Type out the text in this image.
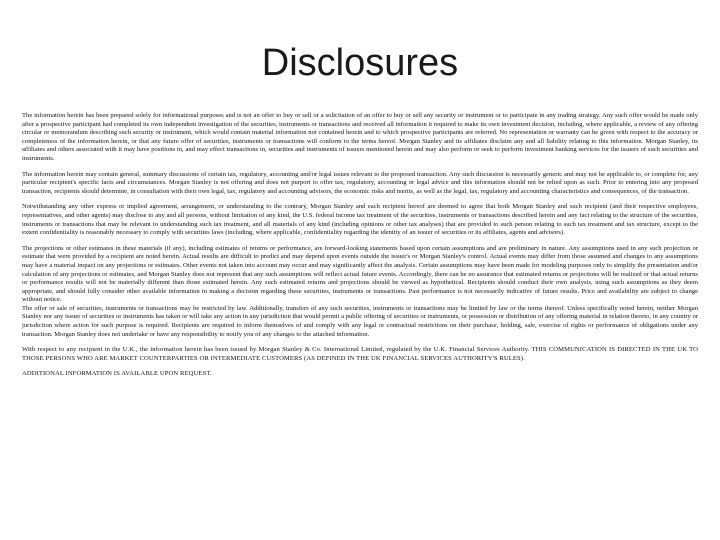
Disclosures

The information herein has been prepared solely for informational purposes and is not an offer to buy or sell or a solicitation of an offer to buy or sell any security or instrument or to participate in any trading strategy. Any such offer would be made only after a prospective participant had completed its own independent investigation of the securities, instruments or transactions and received all information it required to make its own investment decision, including, where applicable, a review of any offering circular or memorandum describing such security or instrument, which would contain material information not contained herein and to which prospective participants are referred. No representation or warranty can be given with respect to the accuracy or completeness of the information herein, or that any future offer of securities, instruments or transactions will conform to the terms hereof. Morgan Stanley and its affiliates disclaim any and all liability relating to this information. Morgan Stanley, its affiliates and others associated with it may have positions in, and may effect transactions in, securities and instruments of issuers mentioned herein and may also perform or seek to perform investment banking services for the issuers of such securities and instruments.

The information herein may contain general, summary discussions of certain tax, regulatory, accounting and/or legal issues relevant to the proposed transaction. Any such discussion is necessarily generic and may not be applicable to, or complete for, any particular recipient's specific facts and circumstances. Morgan Stanley is not offering and does not purport to offer tax, regulatory, accounting or legal advice and this information should not be relied upon as such. Prior to entering into any proposed transaction, recipients should determine, in consultation with their own legal, tax, regulatory and accounting advisors, the economic risks and merits, as well as the legal, tax, regulatory and accounting characteristics and consequences, of the transaction.

Notwithstanding any other express or implied agreement, arrangement, or understanding to the contrary, Morgan Stanley and each recipient hereof are deemed to agree that both Morgan Stanley and such recipient (and their respective employees, representatives, and other agents) may disclose to any and all persons, without limitation of any kind, the U.S. federal income tax treatment of the securities, instruments or transactions described herein and any fact relating to the structure of the securities, instruments or transactions that may be relevant to understanding such tax treatment, and all materials of any kind (including opinions or other tax analyses) that are provided to such person relating to such tax treatment and tax structure, except to the extent confidentiality is reasonably necessary to comply with securities laws (including, where applicable, confidentiality regarding the identity of an issuer of securities or its affiliates, agents and advisors).

The projections or other estimates in these materials (if any), including estimates of returns or performance, are forward-looking statements based upon certain assumptions and are preliminary in nature. Any assumptions used in any such projection or estimate that were provided by a recipient are noted herein. Actual results are difficult to predict and may depend upon events outside the issuer's or Morgan Stanley's control. Actual events may differ from those assumed and changes to any assumptions may have a material impact on any projections or estimates. Other events not taken into account may occur and may significantly affect the analysis. Certain assumptions may have been made for modeling purposes only to simplify the presentation and/or calculation of any projections or estimates, and Morgan Stanley does not represent that any such assumptions will reflect actual future events. Accordingly, there can be no assurance that estimated returns or projections will be realized or that actual returns or performance results will not be materially different than those estimated herein. Any such estimated returns and projections should be viewed as hypothetical. Recipients should conduct their own analysis, using such assumptions as they deem appropriate, and should fully consider other available information in making a decision regarding these securities, instruments or transactions. Past performance is not necessarily indicative of future results. Price and availability are subject to change without notice.

The offer or sale of securities, instruments or transactions may be restricted by law. Additionally, transfers of any such securities, instruments or transactions may be limited by law or the terms thereof. Unless specifically noted herein, neither Morgan Stanley nor any issuer of securities or instruments has taken or will take any action in any jurisdiction that would permit a public offering of securities or instruments, or possession or distribution of any offering material in relation thereto, in any country or jurisdiction where action for such purpose is required. Recipients are required to inform themselves of and comply with any legal or contractual restrictions on their purchase, holding, sale, exercise of rights or performance of obligations under any transaction. Morgan Stanley does not undertake or have any responsibility to notify you of any changes to the attached information.

With respect to any recipient in the U.K., the information herein has been issued by Morgan Stanley & Co. International Limited, regulated by the U.K. Financial Services Authority. THIS COMMUNICATION IS DIRECTED IN THE UK TO THOSE PERSONS WHO ARE MARKET COUNTERPARTIES OR INTERMEDIATE CUSTOMERS (AS DEFINED IN THE UK FINANCIAL SERVICES AUTHORITY'S RULES).

ADDITIONAL INFORMATION IS AVAILABLE UPON REQUEST.
